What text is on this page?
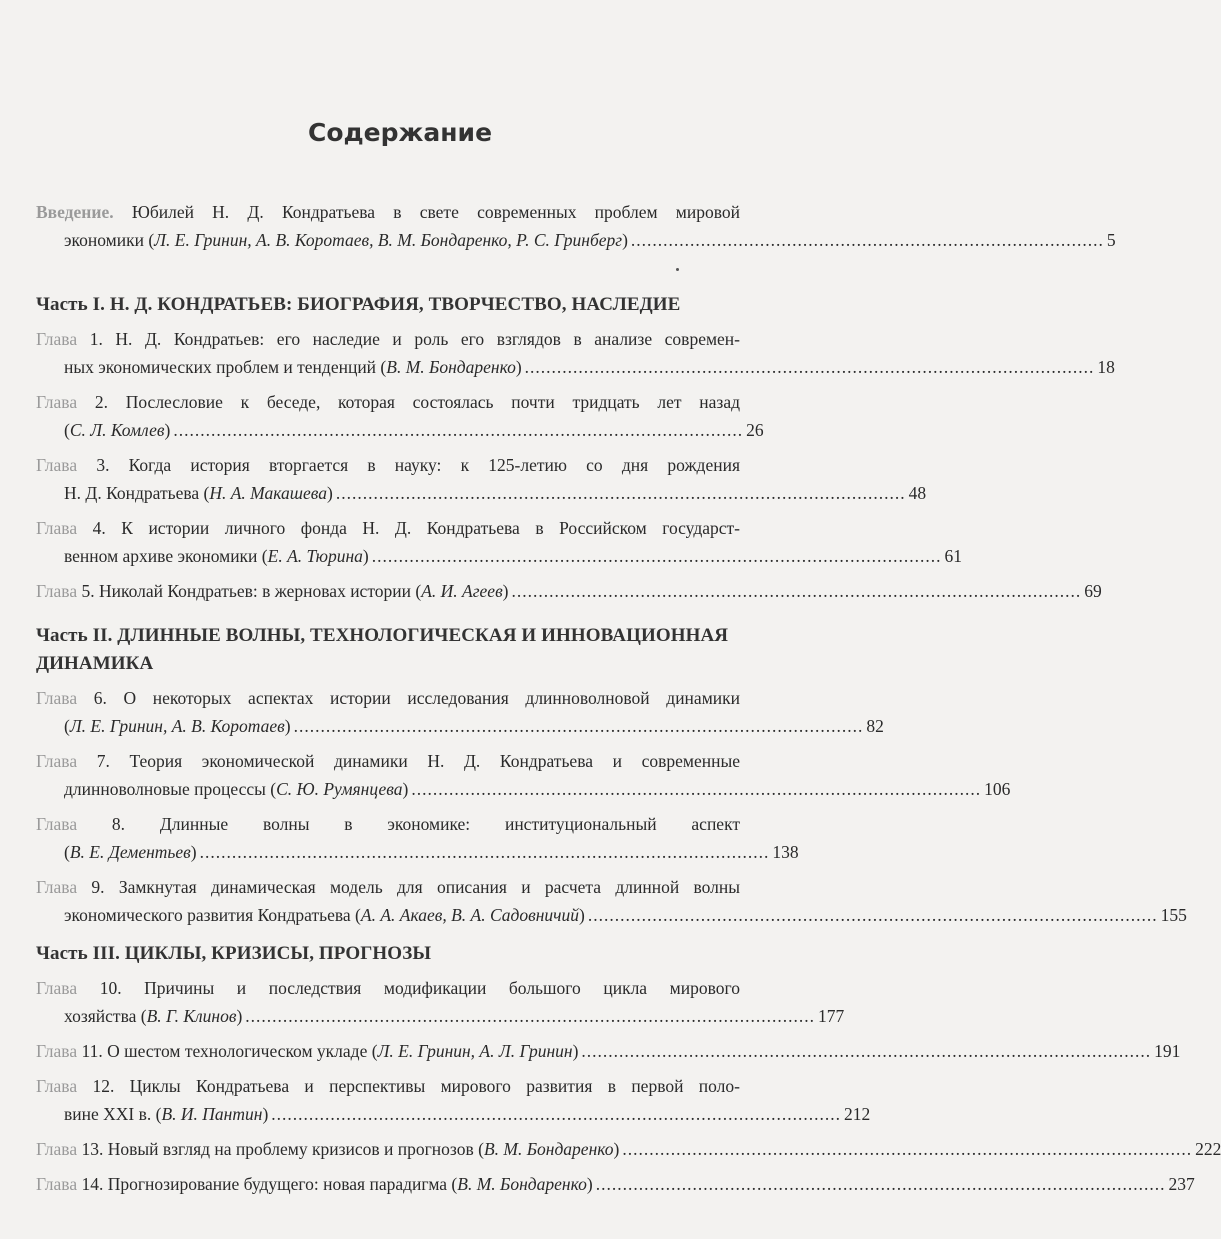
Содержание
Введение. Юбилей Н. Д. Кондратьева в свете современных проблем мировой
экономики (Л. Е. Гринин, А. В. Коротаев, В. М. Бондаренко, Р. С. Гринберг) ........................................................................................ 5
Часть I. Н. Д. КОНДРАТЬЕВ: БИОГРАФИЯ, ТВОРЧЕСТВО, НАСЛЕДИЕ
Глава 1. Н. Д. Кондратьев: его наследие и роль его взглядов в анализе современ-
ных экономических проблем и тенденций (В. М. Бондаренко) .......................................................................................................... 18
Глава 2. Послесловие к беседе, которая состоялась почти тридцать лет назад
(С. Л. Комлев) .......................................................................................................... 26
Глава 3. Когда история вторгается в науку: к 125-летию со дня рождения
Н. Д. Кондратьева (Н. А. Макашева) .......................................................................................................... 48
Глава 4. К истории личного фонда Н. Д. Кондратьева в Российском государст-
венном архиве экономики (Е. А. Тюрина) .......................................................................................................... 61
Глава 5. Николай Кондратьев: в жерновах истории (А. И. Агеев) .......................................................................................................... 69
Часть II. ДЛИННЫЕ ВОЛНЫ, ТЕХНОЛОГИЧЕСКАЯ И ИННОВАЦИОННАЯ
ДИНАМИКА
Глава 6. О некоторых аспектах истории исследования длинноволновой динамики
(Л. Е. Гринин, А. В. Коротаев) .......................................................................................................... 82
Глава 7. Теория экономической динамики Н. Д. Кондратьева и современные
длинноволновые процессы (С. Ю. Румянцева) .......................................................................................................... 106
Глава 8. Длинные волны в экономике: институциональный аспект
(В. Е. Дементьев) .......................................................................................................... 138
Глава 9. Замкнутая динамическая модель для описания и расчета длинной волны
экономического развития Кондратьева (А. А. Акаев, В. А. Садовничий) .......................................................................................................... 155
Часть III. ЦИКЛЫ, КРИЗИСЫ, ПРОГНОЗЫ
Глава 10. Причины и последствия модификации большого цикла мирового
хозяйства (В. Г. Клинов) .......................................................................................................... 177
Глава 11. О шестом технологическом укладе (Л. Е. Гринин, А. Л. Гринин) .......................................................................................................... 191
Глава 12. Циклы Кондратьева и перспективы мирового развития в первой поло-
вине XXI в. (В. И. Пантин) .......................................................................................................... 212
Глава 13. Новый взгляд на проблему кризисов и прогнозов (В. М. Бондаренко) .......................................................................................................... 222
Глава 14. Прогнозирование будущего: новая парадигма (В. М. Бондаренко) .......................................................................................................... 237
